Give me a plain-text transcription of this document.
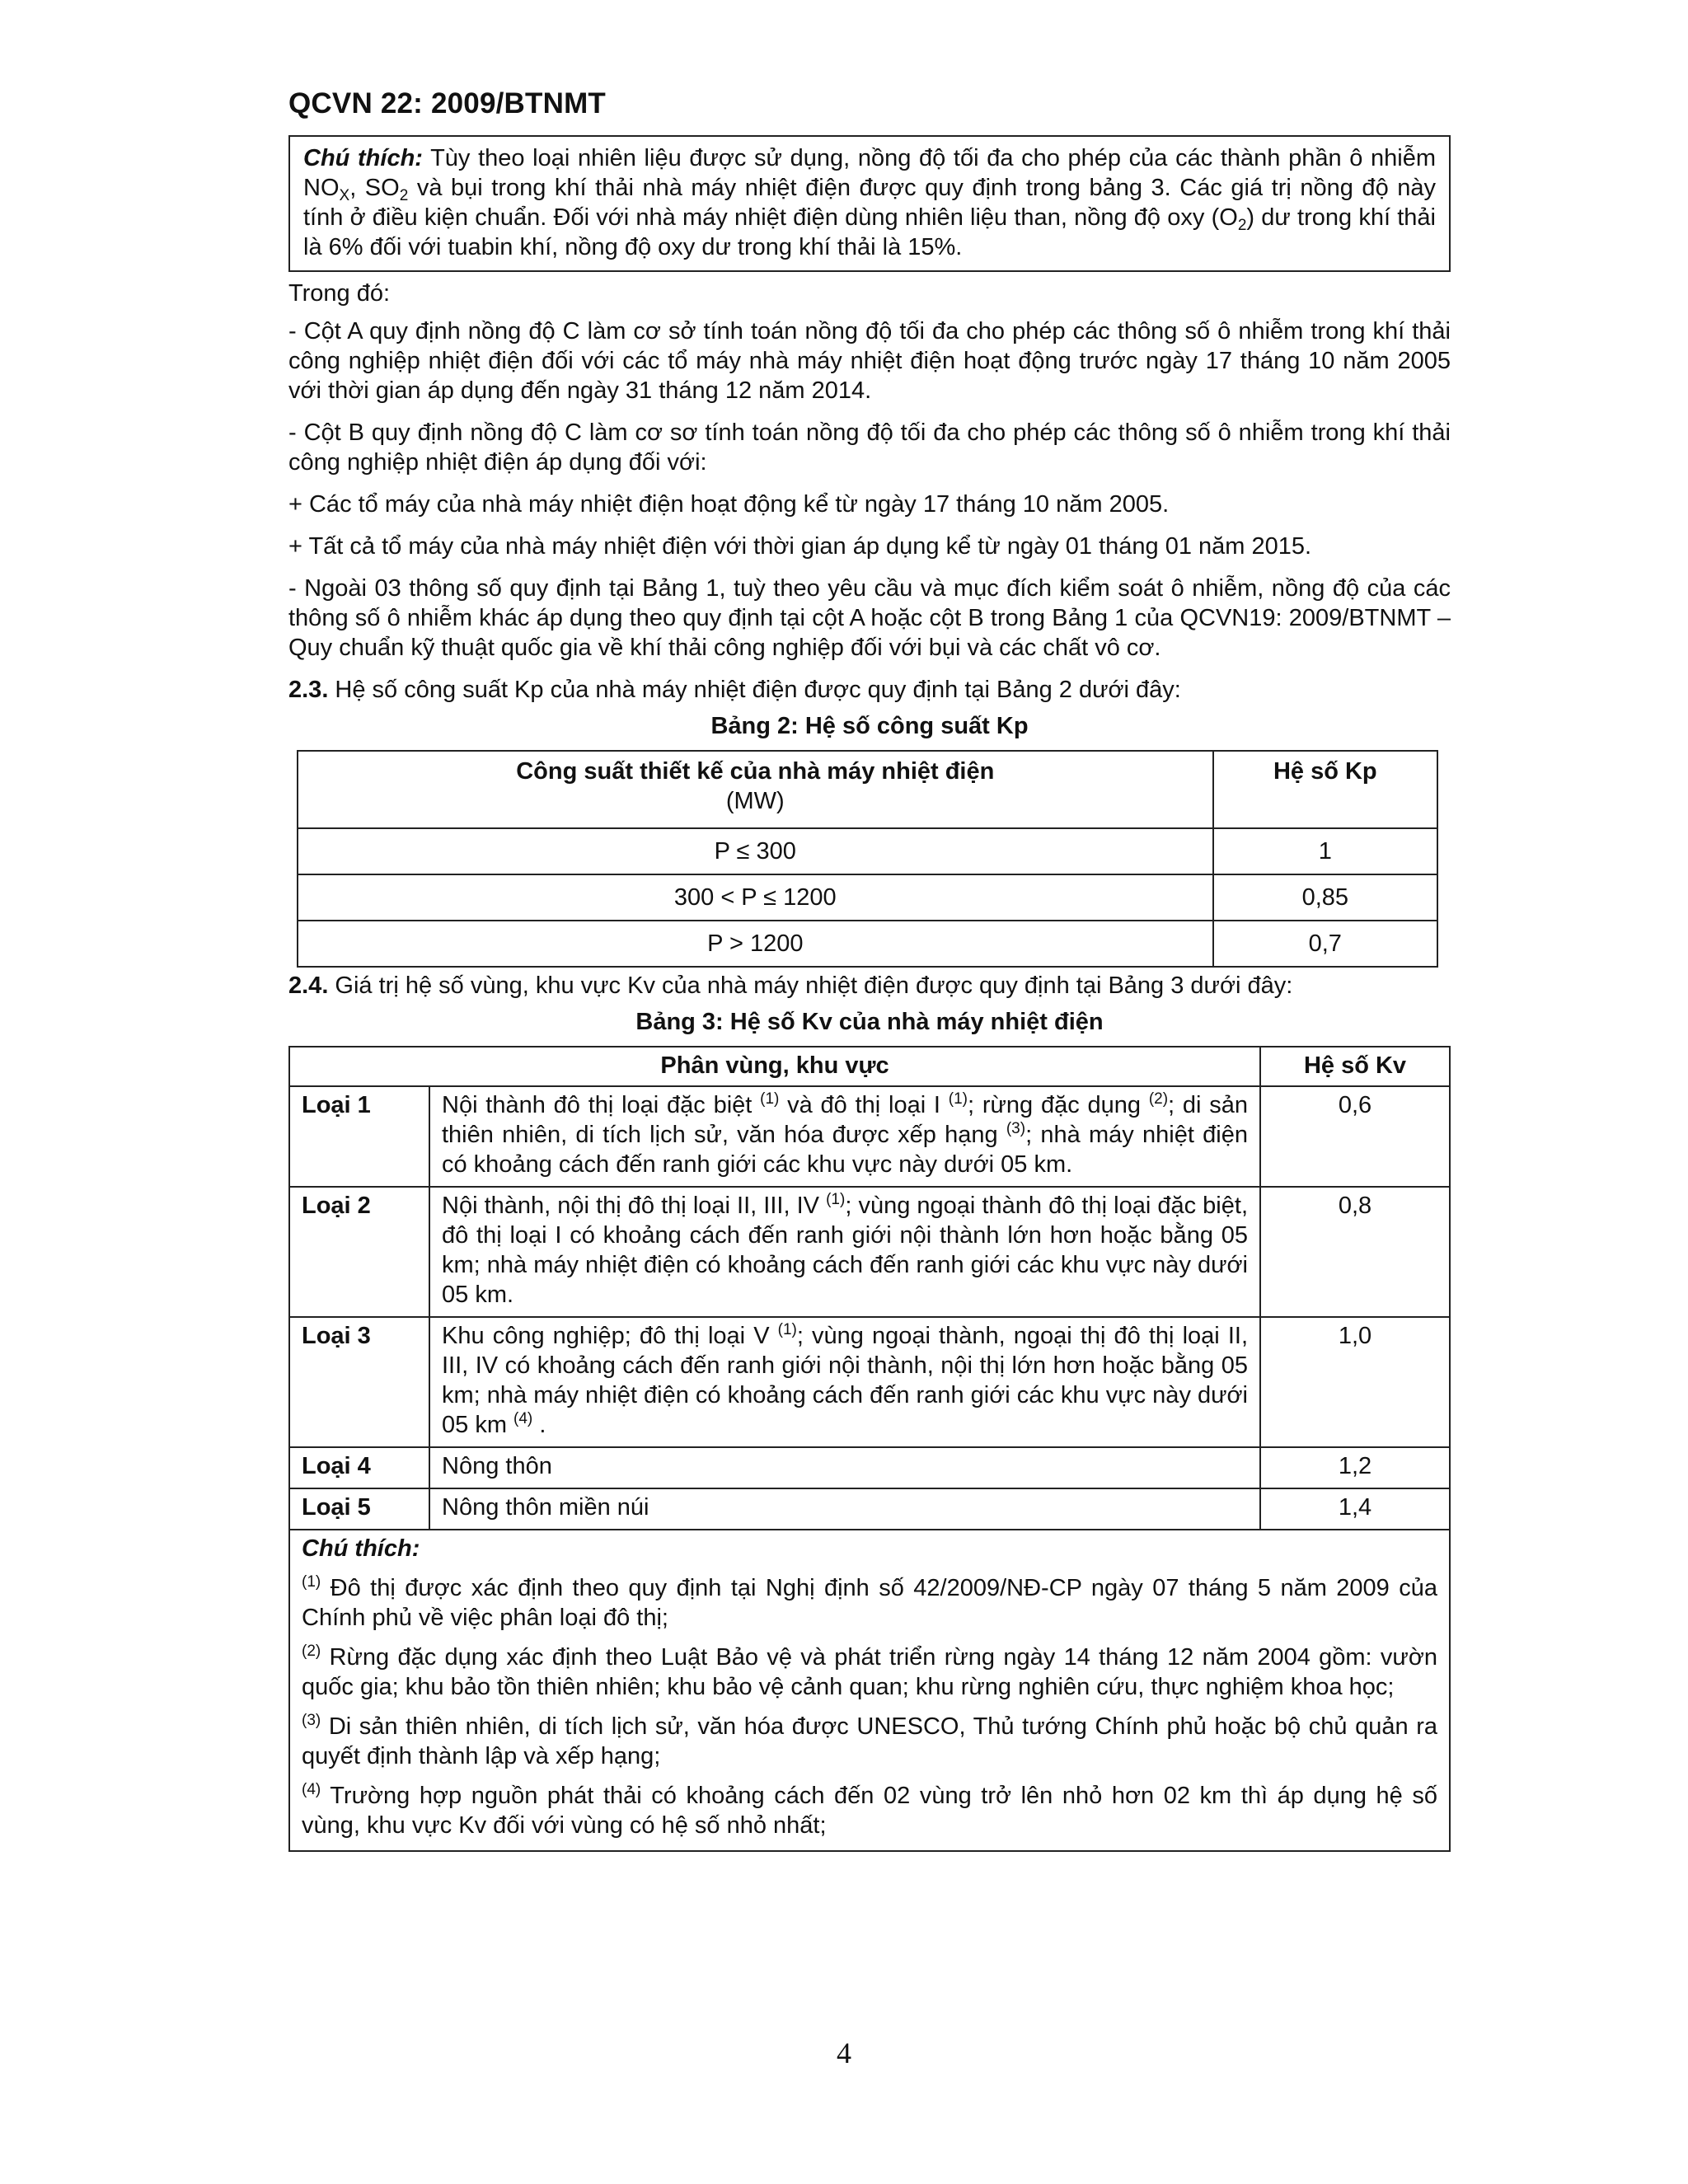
QCVN 22: 2009/BTNMT
Chú thích: Tùy theo loại nhiên liệu được sử dụng, nồng độ tối đa cho phép của các thành phần ô nhiễm $NO_X$, $SO_2$ và bụi trong khí thải nhà máy nhiệt điện được quy định trong bảng 3. Các giá trị nồng độ này tính ở điều kiện chuẩn. Đối với nhà máy nhiệt điện dùng nhiên liệu than, nồng độ oxy $(O_2)$ dư trong khí thải là 6% đối với tuabin khí, nồng độ oxy dư trong khí thải là 15%.

Trong đó:

- Cột A quy định nồng độ C làm cơ sở tính toán nồng độ tối đa cho phép các thông số ô nhiễm trong khí thải công nghiệp nhiệt điện đối với các tổ máy nhà máy nhiệt điện hoạt động trước ngày 17 tháng 10 năm 2005 với thời gian áp dụng đến ngày 31 tháng 12 năm 2014.

- Cột B quy định nồng độ C làm cơ sơ tính toán nồng độ tối đa cho phép các thông số ô nhiễm trong khí thải công nghiệp nhiệt điện áp dụng đối với:

+ Các tổ máy của nhà máy nhiệt điện hoạt động kể từ ngày 17 tháng 10 năm 2005.

+ Tất cả tổ máy của nhà máy nhiệt điện với thời gian áp dụng kể từ ngày 01 tháng 01 năm 2015.

- Ngoài 03 thông số quy định tại Bảng 1, tuỳ theo yêu cầu và mục đích kiểm soát ô nhiễm, nồng độ của các thông số ô nhiễm khác áp dụng theo quy định tại cột A hoặc cột B trong Bảng 1 của QCVN19: 2009/BTNMT –Quy chuẩn kỹ thuật quốc gia về khí thải công nghiệp đối với bụi và các chất vô cơ.

2.3. Hệ số công suất Kp của nhà máy nhiệt điện được quy định tại Bảng 2 dưới đây:

Bảng 2: Hệ số công suất Kp
Công suất thiết kế của nhà máy nhiệt điện
(MW)	Hệ số Kp
P ≤ 300	1
300 < P ≤ 1200	0,85
P > 1200	0,7

2.4. Giá trị hệ số vùng, khu vực Kv của nhà máy nhiệt điện được quy định tại Bảng 3 dưới đây:

Bảng 3: Hệ số Kv của nhà máy nhiệt điện
Phân vùng, khu vực		Hệ số Kv
Loại 1	Nội thành đô thị loại đặc biệt $^{(1)}$ và đô thị loại I $^{(1)}$; rừng đặc dụng $^{(2)}$; di sản thiên nhiên, di tích lịch sử, văn hóa được xếp hạng $^{(3)}$; nhà máy nhiệt điện có khoảng cách đến ranh giới các khu vực này dưới 05 km.	0,6
Loại 2	Nội thành, nội thị đô thị loại II, III, IV $^{(1)}$; vùng ngoại thành đô thị loại đặc biệt, đô thị loại I có khoảng cách đến ranh giới nội thành lớn hơn hoặc bằng 05 km; nhà máy nhiệt điện có khoảng cách đến ranh giới các khu vực này dưới 05 km.	0,8
Loại 3	Khu công nghiệp; đô thị loại V $^{(1)}$; vùng ngoại thành, ngoại thị đô thị loại II, III, IV có khoảng cách đến ranh giới nội thành, nội thị lớn hơn hoặc bằng 05 km; nhà máy nhiệt điện có khoảng cách đến ranh giới các khu vực này dưới 05 km $^{(4)}$ .	1,0
Loại 4	Nông thôn	1,2
Loại 5	Nông thôn miền núi	1,4

Chú thích:
$^{(1)}$ Đô thị được xác định theo quy định tại Nghị định số 42/2009/NĐ-CP ngày 07 tháng 5 năm 2009 của Chính phủ về việc phân loại đô thị;
$^{(2)}$ Rừng đặc dụng xác định theo Luật Bảo vệ và phát triển rừng ngày 14 tháng 12 năm 2004 gồm: vườn quốc gia; khu bảo tồn thiên nhiên; khu bảo vệ cảnh quan; khu rừng nghiên cứu, thực nghiệm khoa học;
$^{(3)}$ Di sản thiên nhiên, di tích lịch sử, văn hóa được UNESCO, Thủ tướng Chính phủ hoặc bộ chủ quản ra quyết định thành lập và xếp hạng;
$^{(4)}$ Trường hợp nguồn phát thải có khoảng cách đến 02 vùng trở lên nhỏ hơn 02 km thì áp dụng hệ số vùng, khu vực Kv đối với vùng có hệ số nhỏ nhất;		
4
